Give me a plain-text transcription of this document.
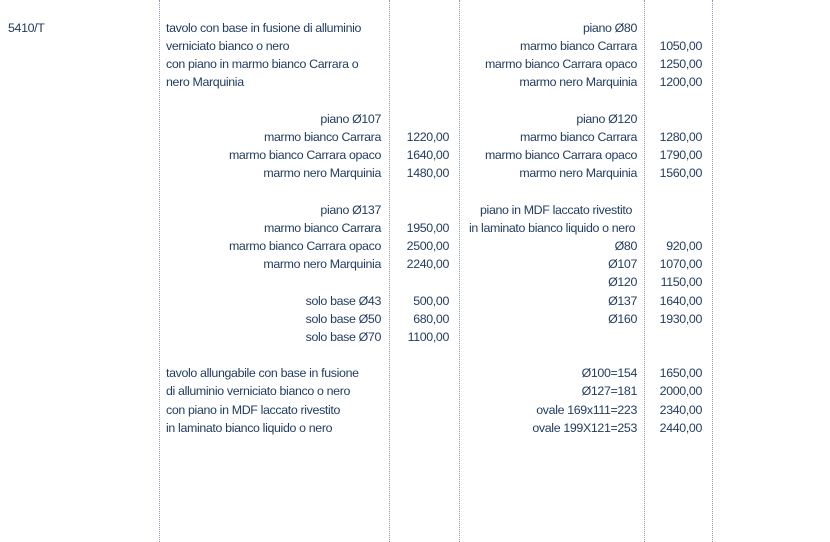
5410/T	tavolo con base in fusione di alluminio
verniciato bianco o nero
con piano in marmo bianco Carrara o
nero Marquinia
piano Ø80
marmo bianco Carrara 1050,00
marmo bianco Carrara opaco 1250,00
marmo nero Marquinia 1200,00
piano Ø107
marmo bianco Carrara 1220,00
marmo bianco Carrara opaco 1640,00
marmo nero Marquinia 1480,00
piano Ø120
marmo bianco Carrara 1280,00
marmo bianco Carrara opaco 1790,00
marmo nero Marquinia 1560,00
piano Ø137
marmo bianco Carrara 1950,00
marmo bianco Carrara opaco 2500,00
marmo nero Marquinia 2240,00
piano in MDF laccato rivestito
in laminato bianco liquido o nero
Ø80 920,00
Ø107 1070,00
Ø120 1150,00
Ø137 1640,00
Ø160 1930,00
solo base Ø43	500,00
solo base Ø50	680,00
solo base Ø70 1100,00
tavolo allungabile con base in fusione
di alluminio verniciato bianco o nero
con piano in MDF laccato rivestito
in laminato bianco liquido o nero
Ø100=154 1650,00
Ø127=181 2000,00
ovale 169x111=223 2340,00
ovale 199X121=253 2440,00
